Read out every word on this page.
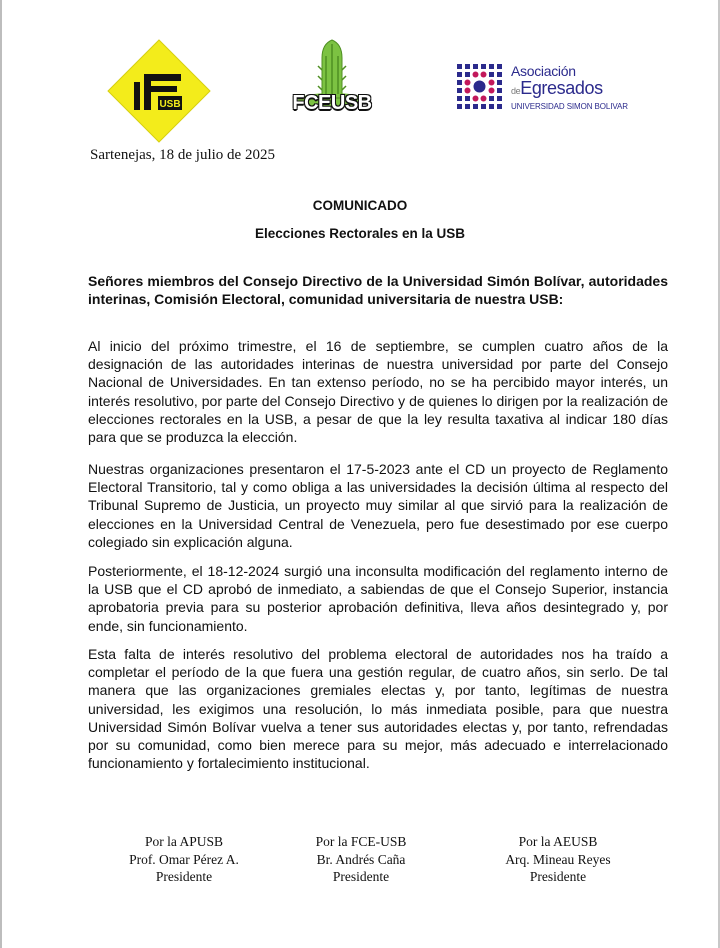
USB	FCEUSB
Asociación
deEgresados
UNIVERSIDAD SIMON BOLIVAR
Sartenejas, 18 de julio de 2025
COMUNICADO
Elecciones Rectorales en la USB

Señores miembros del Consejo Directivo de la Universidad Simón Bolívar, autoridades interinas, Comisión Electoral, comunidad universitaria de nuestra USB:

Al inicio del próximo trimestre, el 16 de septiembre, se cumplen cuatro años de la designación de las autoridades interinas de nuestra universidad por parte del Consejo Nacional de Universidades. En tan extenso período, no se ha percibido mayor interés, un interés resolutivo, por parte del Consejo Directivo y de quienes lo dirigen por la realización de elecciones rectorales en la USB, a pesar de que la ley resulta taxativa al indicar 180 días para que se produzca la elección.

Nuestras organizaciones presentaron el 17-5-2023 ante el CD un proyecto de Reglamento Electoral Transitorio, tal y como obliga a las universidades la decisión última al respecto del Tribunal Supremo de Justicia, un proyecto muy similar al que sirvió para la realización de elecciones en la Universidad Central de Venezuela, pero fue desestimado por ese cuerpo colegiado sin explicación alguna.

Posteriormente, el 18-12-2024 surgió una inconsulta modificación del reglamento interno de la USB que el CD aprobó de inmediato, a sabiendas de que el Consejo Superior, instancia aprobatoria previa para su posterior aprobación definitiva, lleva años desintegrado y, por ende, sin funcionamiento.

Esta falta de interés resolutivo del problema electoral de autoridades nos ha traído a completar el período de la que fuera una gestión regular, de cuatro años, sin serlo. De tal manera que las organizaciones gremiales electas y, por tanto, legítimas de nuestra universidad, les exigimos una resolución, lo más inmediata posible, para que nuestra Universidad Simón Bolívar vuelva a tener sus autoridades electas y, por tanto, refrendadas por su comunidad, como bien merece para su mejor, más adecuado e interrelacionado funcionamiento y fortalecimiento institucional.

Por la APUSB
Prof. Omar Pérez A.
Presidente
Por la FCE-USB
Br. Andrés Caña
Presidente
Por la AEUSB
Arq. Mineau Reyes
Presidente
